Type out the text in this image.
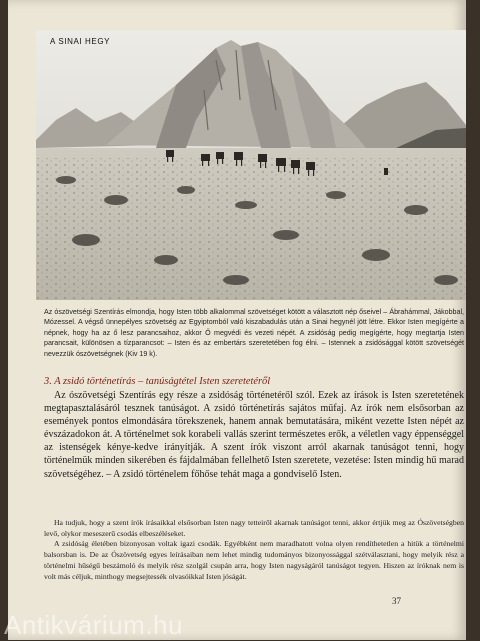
A SINAI HEGY
Az ószövetségi Szentírás elmondja, hogy Isten több alkalommal szövetséget kötött a választott nép őseivel – Ábrahámmal, Jákobbal, Mózessel. A végső ünnepélyes szövetség az Egyiptomból való kiszabadulás után a Sinai hegynél jött létre. Ekkor Isten megígérte a népnek, hogy ha az ő lesz parancsaihoz, akkor Ő megvédi és vezeti népét. A zsidóság pedig megígérte, hogy megtartja Isten parancsait, különösen a tízparancsot: – Isten és az embertárs szeretetében fog élni. – Istennek a zsidósággal kötött szövetségét nevezzük ószövetségnek (Kiv 19 k).
3. A zsidó történetírás – tanúságtétel Isten szeretetéről

Az ószövetségi Szentírás egy része a zsidóság történetéről szól. Ezek az írások is Isten szeretetének megtapasztalásáról tesznek tanúságot. A zsidó történetírás sajátos műfaj. Az írók nem elsősorban az események pontos elmondására törekszenek, hanem annak bemutatására, miként vezette Isten népét az évszázadokon át. A történelmet sok korabeli vallás szerint természetes erők, a véletlen vagy éppenséggel az istenségek kénye-kedve irányítják. A szent írók viszont arról akarnak tanúságot tenni, hogy történelmük minden sikerében és fájdalmában fellelhető Isten szeretete, vezetése: Isten mindig hű marad szövetségéhez. – A zsidó történelem főhőse tehát maga a gondviselő Isten.

Ha tudjuk, hogy a szent írók írásaikkal elsősorban Isten nagy tetteiről akarnak tanúságot tenni, akkor értjük meg az Ószövetségben levő, olykor meseszerű csodás elbeszéléseket.

A zsidóság életében bizonyosan voltak igazi csodák. Egyébként nem maradhatott volna olyen rendíthetetlen a hitük a történelmi balsorsban is. De az Ószövetség egyes leírásaiban nem lehet mindig tudományos bizonyossággal szétválasztani, hogy melyik rész a történelmi hűségű beszámoló és melyik rész szolgál csupán arra, hogy Isten nagyságáról tanúságot tegyen. Hiszen az íróknak nem is volt más céljuk, minthogy megsejtessék olvasóikkal Isten jóságát.

37
Antikvárium.hu
